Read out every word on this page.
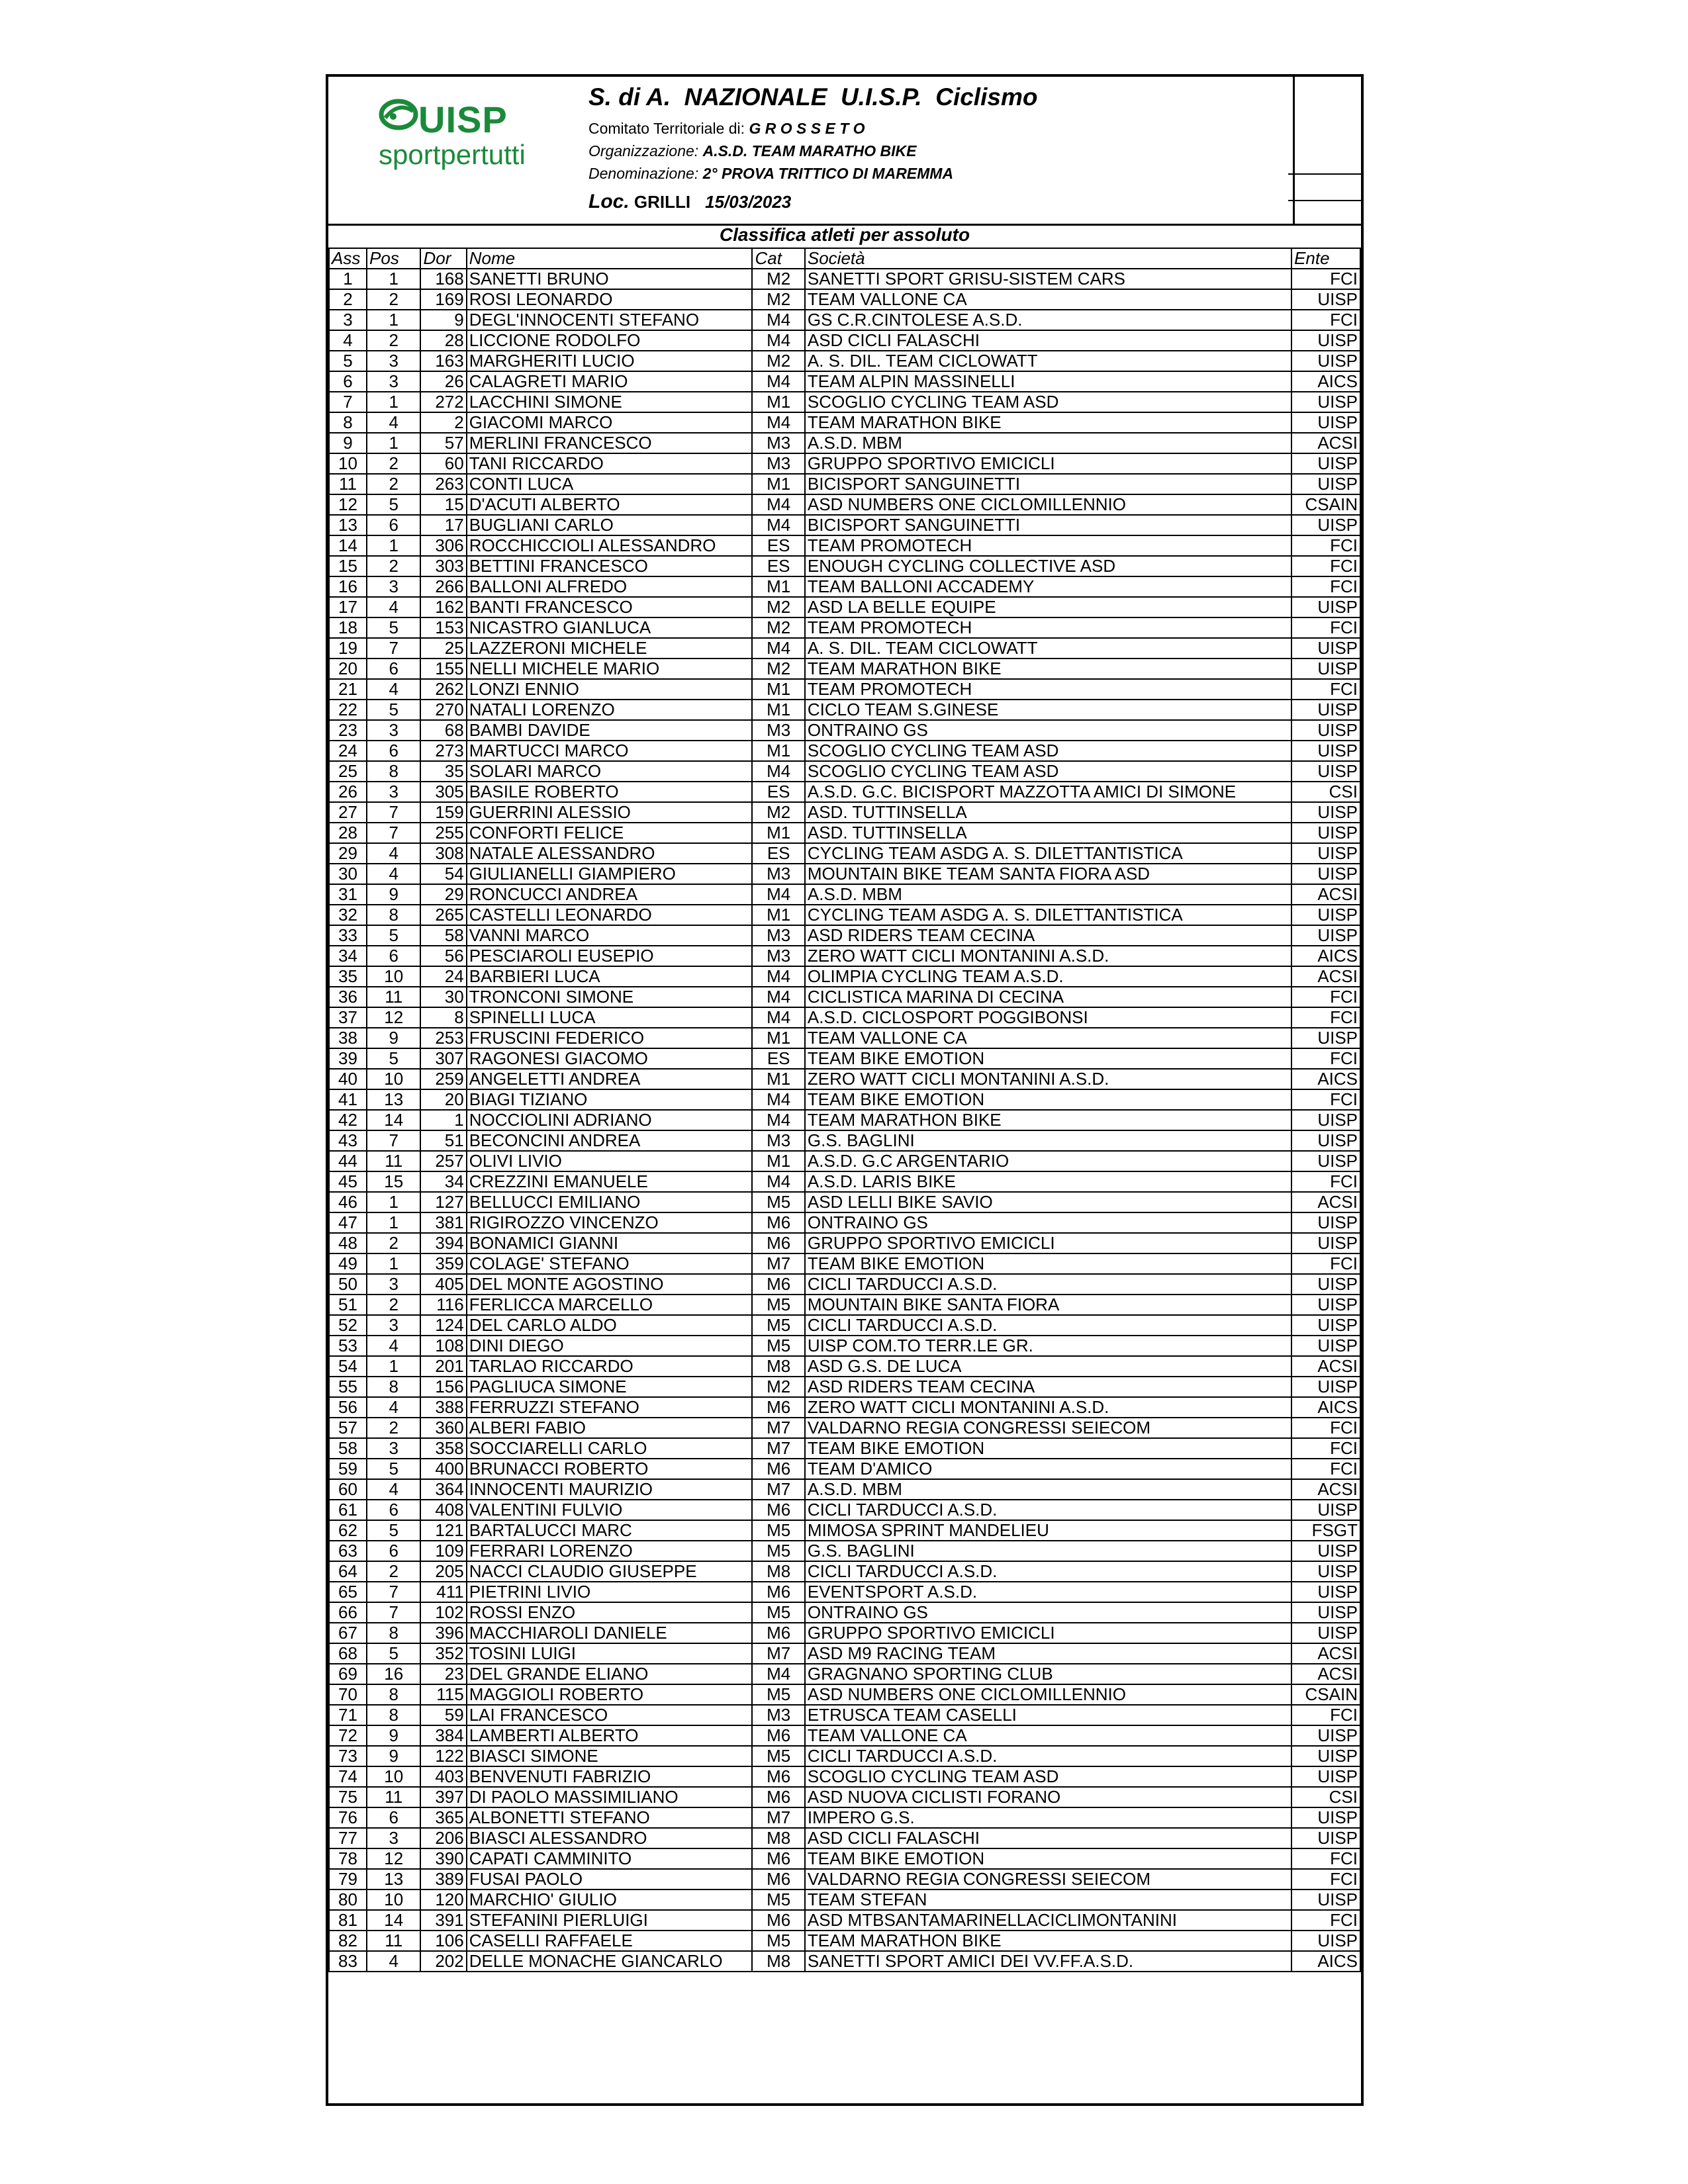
UISP
sportpertutti
S. di A.  NAZIONALE  U.I.S.P.  Ciclismo
Comitato Territoriale di: G R O S S E T O
Organizzazione: A.S.D. TEAM MARATHO BIKE
Denominazione: 2° PROVA TRITTICO DI MAREMMA
Loc. GRILLI 15/03/2023
Classifica atleti per assoluto
Ass	Pos	Dor	Nome	Cat	Società	Ente
1	1	168	SANETTI BRUNO	M2	SANETTI SPORT GRISU-SISTEM CARS	FCI
2	2	169	ROSI LEONARDO	M2	TEAM VALLONE CA	UISP
3	1	9	DEGL'INNOCENTI STEFANO	M4	GS C.R.CINTOLESE A.S.D.	FCI
4	2	28	LICCIONE RODOLFO	M4	ASD CICLI FALASCHI	UISP
5	3	163	MARGHERITI LUCIO	M2	A. S. DIL. TEAM CICLOWATT	UISP
6	3	26	CALAGRETI MARIO	M4	TEAM ALPIN MASSINELLI	AICS
7	1	272	LACCHINI SIMONE	M1	SCOGLIO CYCLING TEAM ASD	UISP
8	4	2	GIACOMI MARCO	M4	TEAM MARATHON BIKE	UISP
9	1	57	MERLINI FRANCESCO	M3	A.S.D. MBM	ACSI
10	2	60	TANI RICCARDO	M3	GRUPPO SPORTIVO EMICICLI	UISP
11	2	263	CONTI LUCA	M1	BICISPORT SANGUINETTI	UISP
12	5	15	D'ACUTI ALBERTO	M4	ASD NUMBERS ONE CICLOMILLENNIO	CSAIN
13	6	17	BUGLIANI CARLO	M4	BICISPORT SANGUINETTI	UISP
14	1	306	ROCCHICCIOLI ALESSANDRO	ES	TEAM PROMOTECH	FCI
15	2	303	BETTINI FRANCESCO	ES	ENOUGH CYCLING COLLECTIVE ASD	FCI
16	3	266	BALLONI ALFREDO	M1	TEAM BALLONI ACCADEMY	FCI
17	4	162	BANTI FRANCESCO	M2	ASD LA BELLE EQUIPE	UISP
18	5	153	NICASTRO GIANLUCA	M2	TEAM PROMOTECH	FCI
19	7	25	LAZZERONI MICHELE	M4	A. S. DIL. TEAM CICLOWATT	UISP
20	6	155	NELLI MICHELE MARIO	M2	TEAM MARATHON BIKE	UISP
21	4	262	LONZI ENNIO	M1	TEAM PROMOTECH	FCI
22	5	270	NATALI LORENZO	M1	CICLO TEAM S.GINESE	UISP
23	3	68	BAMBI DAVIDE	M3	ONTRAINO GS	UISP
24	6	273	MARTUCCI MARCO	M1	SCOGLIO CYCLING TEAM ASD	UISP
25	8	35	SOLARI MARCO	M4	SCOGLIO CYCLING TEAM ASD	UISP
26	3	305	BASILE ROBERTO	ES	A.S.D. G.C. BICISPORT MAZZOTTA AMICI DI SIMONE	CSI
27	7	159	GUERRINI ALESSIO	M2	ASD. TUTTINSELLA	UISP
28	7	255	CONFORTI FELICE	M1	ASD. TUTTINSELLA	UISP
29	4	308	NATALE ALESSANDRO	ES	CYCLING TEAM ASDG A. S. DILETTANTISTICA	UISP
30	4	54	GIULIANELLI GIAMPIERO	M3	MOUNTAIN BIKE TEAM SANTA FIORA ASD	UISP
31	9	29	RONCUCCI ANDREA	M4	A.S.D. MBM	ACSI
32	8	265	CASTELLI LEONARDO	M1	CYCLING TEAM ASDG A. S. DILETTANTISTICA	UISP
33	5	58	VANNI MARCO	M3	ASD RIDERS TEAM CECINA	UISP
34	6	56	PESCIAROLI EUSEPIO	M3	ZERO WATT CICLI MONTANINI A.S.D.	AICS
35	10	24	BARBIERI LUCA	M4	OLIMPIA CYCLING TEAM A.S.D.	ACSI
36	11	30	TRONCONI SIMONE	M4	CICLISTICA MARINA DI CECINA	FCI
37	12	8	SPINELLI LUCA	M4	A.S.D. CICLOSPORT POGGIBONSI	FCI
38	9	253	FRUSCINI FEDERICO	M1	TEAM VALLONE CA	UISP
39	5	307	RAGONESI GIACOMO	ES	TEAM BIKE EMOTION	FCI
40	10	259	ANGELETTI ANDREA	M1	ZERO WATT CICLI MONTANINI A.S.D.	AICS
41	13	20	BIAGI TIZIANO	M4	TEAM BIKE EMOTION	FCI
42	14	1	NOCCIOLINI ADRIANO	M4	TEAM MARATHON BIKE	UISP
43	7	51	BECONCINI ANDREA	M3	G.S. BAGLINI	UISP
44	11	257	OLIVI LIVIO	M1	A.S.D. G.C ARGENTARIO	UISP
45	15	34	CREZZINI EMANUELE	M4	A.S.D. LARIS BIKE	FCI
46	1	127	BELLUCCI EMILIANO	M5	ASD LELLI BIKE SAVIO	ACSI
47	1	381	RIGIROZZO VINCENZO	M6	ONTRAINO GS	UISP
48	2	394	BONAMICI GIANNI	M6	GRUPPO SPORTIVO EMICICLI	UISP
49	1	359	COLAGE' STEFANO	M7	TEAM BIKE EMOTION	FCI
50	3	405	DEL MONTE AGOSTINO	M6	CICLI TARDUCCI A.S.D.	UISP
51	2	116	FERLICCA MARCELLO	M5	MOUNTAIN BIKE SANTA FIORA	UISP
52	3	124	DEL CARLO ALDO	M5	CICLI TARDUCCI A.S.D.	UISP
53	4	108	DINI DIEGO	M5	UISP COM.TO TERR.LE GR.	UISP
54	1	201	TARLAO RICCARDO	M8	ASD G.S. DE LUCA	ACSI
55	8	156	PAGLIUCA SIMONE	M2	ASD RIDERS TEAM CECINA	UISP
56	4	388	FERRUZZI STEFANO	M6	ZERO WATT CICLI MONTANINI A.S.D.	AICS
57	2	360	ALBERI FABIO	M7	VALDARNO REGIA CONGRESSI SEIECOM	FCI
58	3	358	SOCCIARELLI CARLO	M7	TEAM BIKE EMOTION	FCI
59	5	400	BRUNACCI ROBERTO	M6	TEAM D'AMICO	FCI
60	4	364	INNOCENTI MAURIZIO	M7	A.S.D. MBM	ACSI
61	6	408	VALENTINI FULVIO	M6	CICLI TARDUCCI A.S.D.	UISP
62	5	121	BARTALUCCI MARC	M5	MIMOSA SPRINT MANDELIEU	FSGT
63	6	109	FERRARI LORENZO	M5	G.S. BAGLINI	UISP
64	2	205	NACCI CLAUDIO GIUSEPPE	M8	CICLI TARDUCCI A.S.D.	UISP
65	7	411	PIETRINI LIVIO	M6	EVENTSPORT A.S.D.	UISP
66	7	102	ROSSI ENZO	M5	ONTRAINO GS	UISP
67	8	396	MACCHIAROLI DANIELE	M6	GRUPPO SPORTIVO EMICICLI	UISP
68	5	352	TOSINI LUIGI	M7	ASD M9 RACING TEAM	ACSI
69	16	23	DEL GRANDE ELIANO	M4	GRAGNANO SPORTING CLUB	ACSI
70	8	115	MAGGIOLI ROBERTO	M5	ASD NUMBERS ONE CICLOMILLENNIO	CSAIN
71	8	59	LAI FRANCESCO	M3	ETRUSCA TEAM CASELLI	FCI
72	9	384	LAMBERTI ALBERTO	M6	TEAM VALLONE CA	UISP
73	9	122	BIASCI SIMONE	M5	CICLI TARDUCCI A.S.D.	UISP
74	10	403	BENVENUTI FABRIZIO	M6	SCOGLIO CYCLING TEAM ASD	UISP
75	11	397	DI PAOLO MASSIMILIANO	M6	ASD NUOVA CICLISTI FORANO	CSI
76	6	365	ALBONETTI STEFANO	M7	IMPERO G.S.	UISP
77	3	206	BIASCI ALESSANDRO	M8	ASD CICLI FALASCHI	UISP
78	12	390	CAPATI CAMMINITO	M6	TEAM BIKE EMOTION	FCI
79	13	389	FUSAI PAOLO	M6	VALDARNO REGIA CONGRESSI SEIECOM	FCI
80	10	120	MARCHIO' GIULIO	M5	TEAM STEFAN	UISP
81	14	391	STEFANINI PIERLUIGI	M6	ASD MTBSANTAMARINELLACICLIMONTANINI	FCI
82	11	106	CASELLI RAFFAELE	M5	TEAM MARATHON BIKE	UISP
83	4	202	DELLE MONACHE GIANCARLO	M8	SANETTI SPORT AMICI DEI VV.FF.A.S.D.	AICS
